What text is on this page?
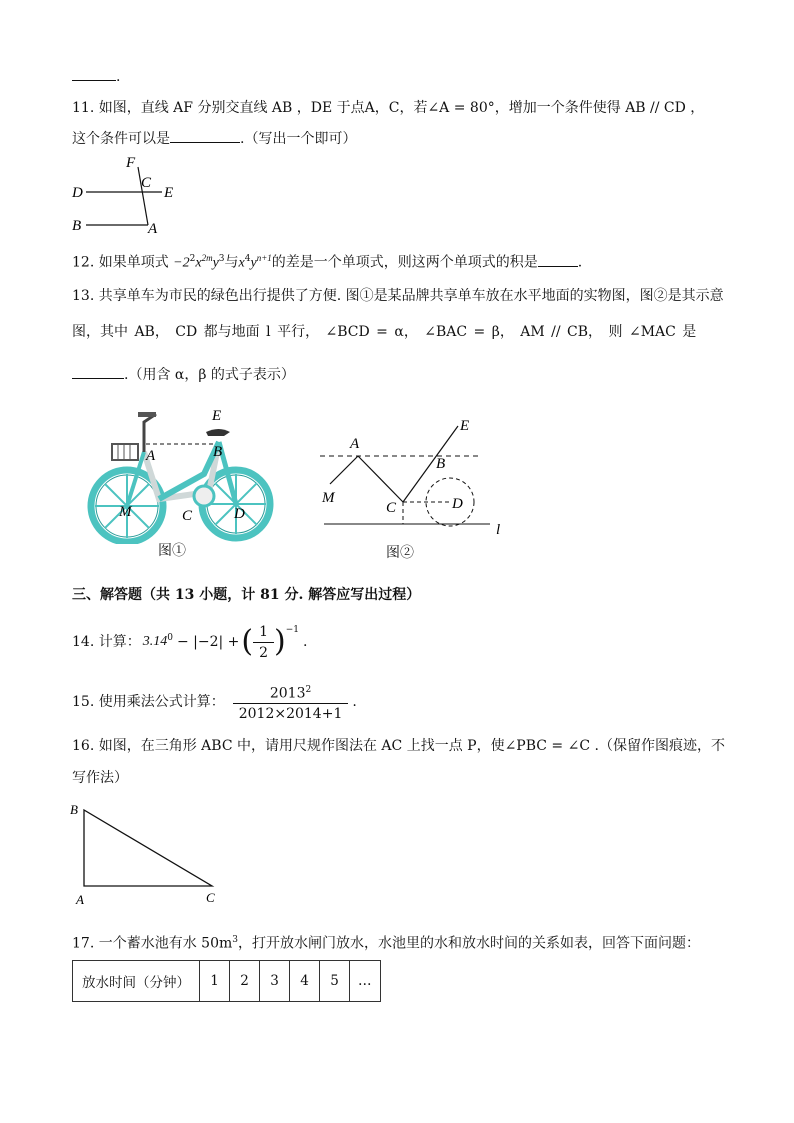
.
11. 如图，直线 AF 分别交直线 AB ，DE 于点A，C，若∠A = 80°，增加一个条件使得 AB // CD ，
这个条件可以是	.（写出一个即可）
F
C
D	E
B	A
12. 如果单项式 $-2^2x^{2m}y^3$与$x^4y^{n+1}$的差是一个单项式，则这两个单项式的积是	.
13. 共享单车为市民的绿色出行提供了方便. 图①是某品牌共享单车放在水平地面的实物图，图②是其示意
图，其中 AB， CD 都与地面 l 平行， ∠BCD = α， ∠BAC = β， AM // CB， 则 ∠MAC 是
.（用含 α，β 的式子表示）
E
B
A
M	C	D
图①
A
E
B
M
C	D
l
图②
三、解答题（共 13 小题，计 81 分. 解答应写出过程）
14. 计算： $3.14^0 - |-2|$ + ( $\frac{1}{2} )^{-1}$
.
15. 使用乘法公式计算： $\frac{2013^2}{2012\times 2014+1}$ .
16. 如图，在三角形 ABC 中，请用尺规作图法在 AC 上找一点 P，使∠PBC = ∠C .（保留作图痕迹，不
写作法）
B
A	C
17. 一个蓄水池有水 $50m^3$，打开放水闸门放水，水池里的水和放水时间的关系如表，回答下面问题：
放水时间（分钟）	1	2	3	4	5	…
